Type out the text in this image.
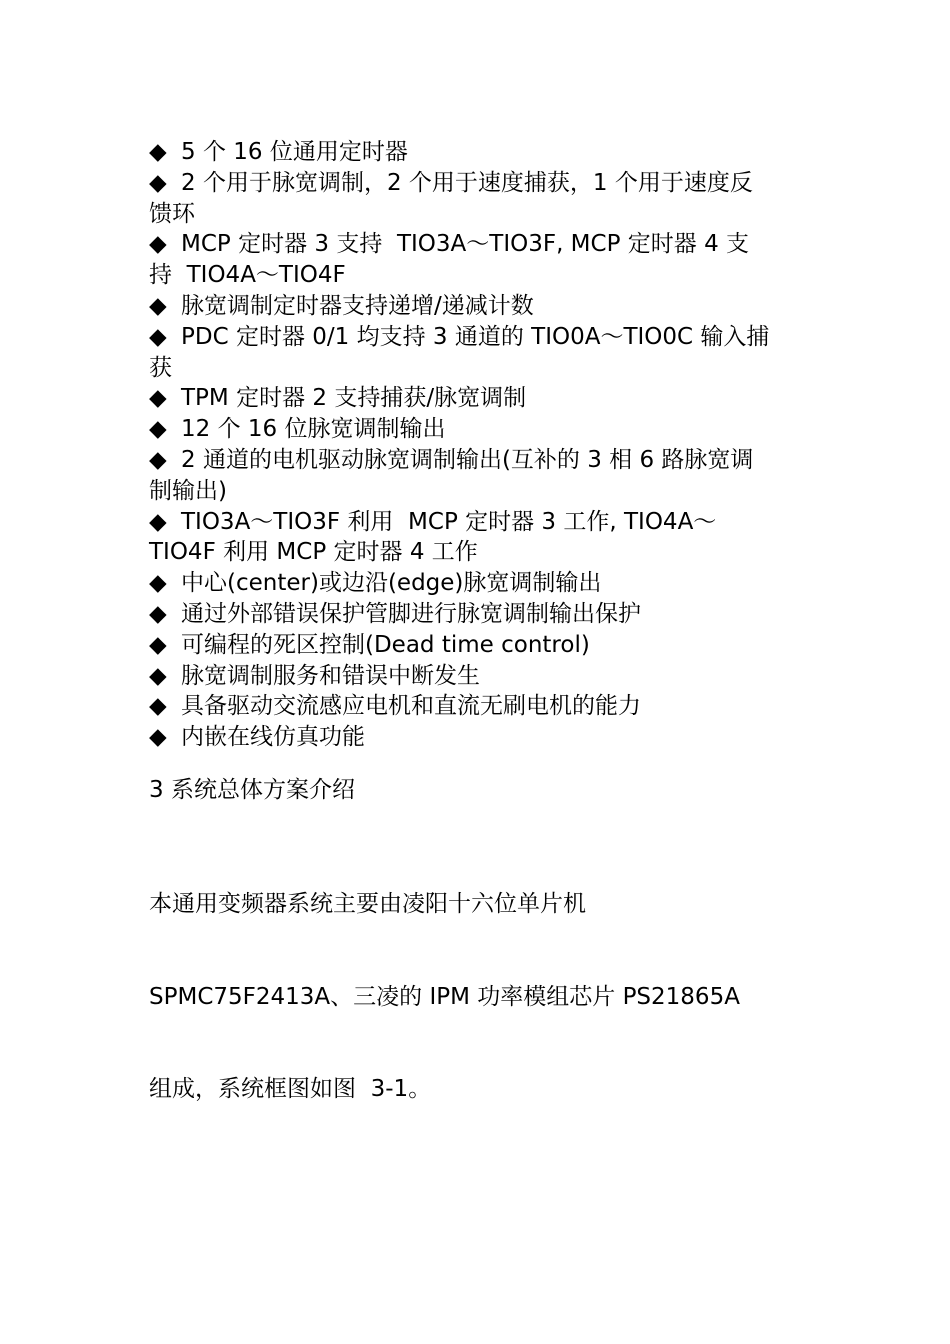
◆ 5 个 16 位通用定时器
◆ 2 个用于脉宽调制，2 个用于速度捕获，1 个用于速度反
馈环
◆ MCP 定时器 3 支持  TIO3A～TIO3F, MCP 定时器 4 支
持  TIO4A～TIO4F
◆ 脉宽调制定时器支持递增/递减计数
◆ PDC 定时器 0/1 均支持 3 通道的 TIO0A～TIO0C 输入捕
获
◆ TPM 定时器 2 支持捕获/脉宽调制
◆ 12 个 16 位脉宽调制输出
◆ 2 通道的电机驱动脉宽调制输出(互补的 3 相 6 路脉宽调
制输出)
◆ TIO3A～TIO3F 利用  MCP 定时器 3 工作, TIO4A～
TIO4F 利用 MCP 定时器 4 工作
◆ 中心(center)或边沿(edge)脉宽调制输出
◆ 通过外部错误保护管脚进行脉宽调制输出保护
◆ 可编程的死区控制(Dead time control)
◆ 脉宽调制服务和错误中断发生
◆ 具备驱动交流感应电机和直流无刷电机的能力
◆ 内嵌在线仿真功能
3 系统总体方案介绍

本通用变频器系统主要由凌阳十六位单片机

SPMC75F2413A、三凌的 IPM 功率模组芯片 PS21865A

组成，系统框图如图  3-1。
